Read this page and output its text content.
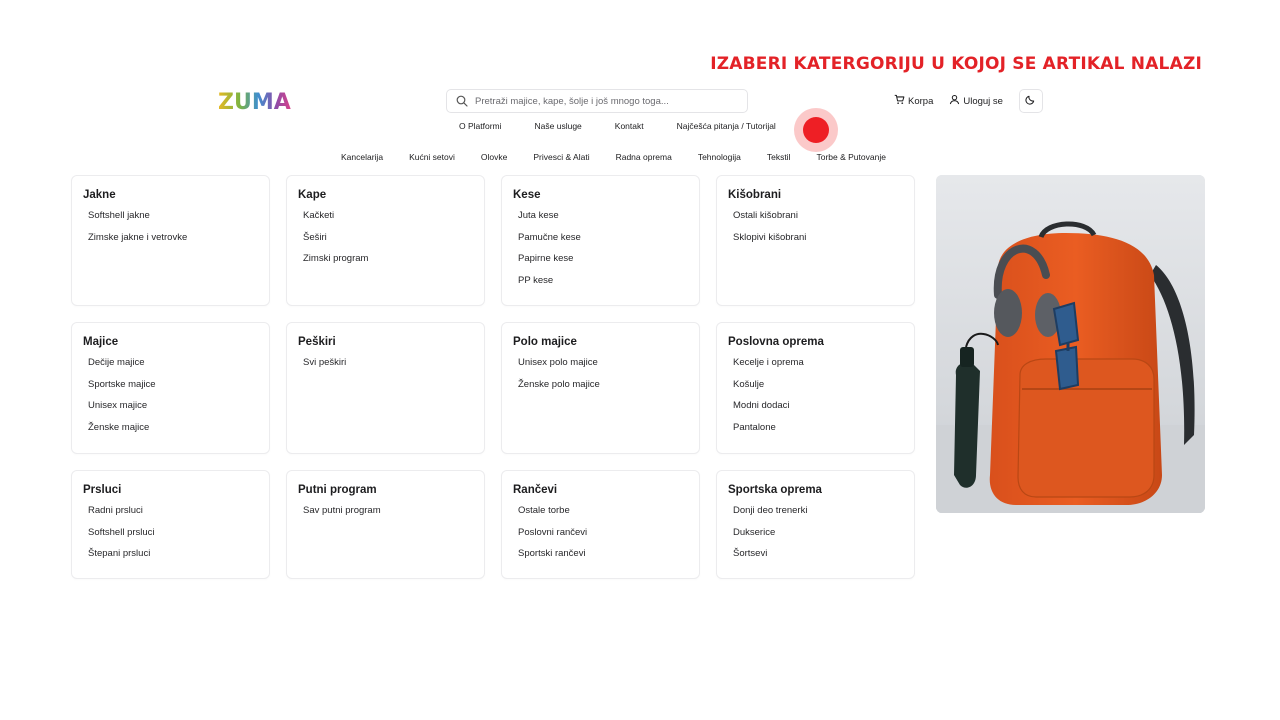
IZABERI KATERGORIJU U KOJOJ SE ARTIKAL NALAZI
ZUMA
Pretraži majice, kape, šolje i još mnogo toga...	Korpa	Uloguj se
O Platformi	Naše usluge	Kontakt	Najčešća pitanja / Tutorijal
Kancelarija	Kućni setovi	Olovke	Privesci & Alati	Radna oprema	Tehnologija	Tekstil	Torbe & Putovanje
Jakne
Softshell jakne
Zimske jakne i vetrovke
Kape
Kačketi
Šeširi
Zimski program
Kese
Juta kese
Pamučne kese
Papirne kese
PP kese
Kišobrani
Ostali kišobrani
Sklopivi kišobrani
Majice
Dečije majice
Sportske majice
Unisex majice
Ženske majice
Peškiri
Svi peškiri
Polo majice
Unisex polo majice
Ženske polo majice
Poslovna oprema
Kecelje i oprema
Košulje
Modni dodaci
Pantalone
Prsluci
Radni prsluci
Softshell prsluci
Štepani prsluci
Putni program
Sav putni program
Rančevi
Ostale torbe
Poslovni rančevi
Sportski rančevi
Sportska oprema
Donji deo trenerki
Dukserice
Šortsevi
